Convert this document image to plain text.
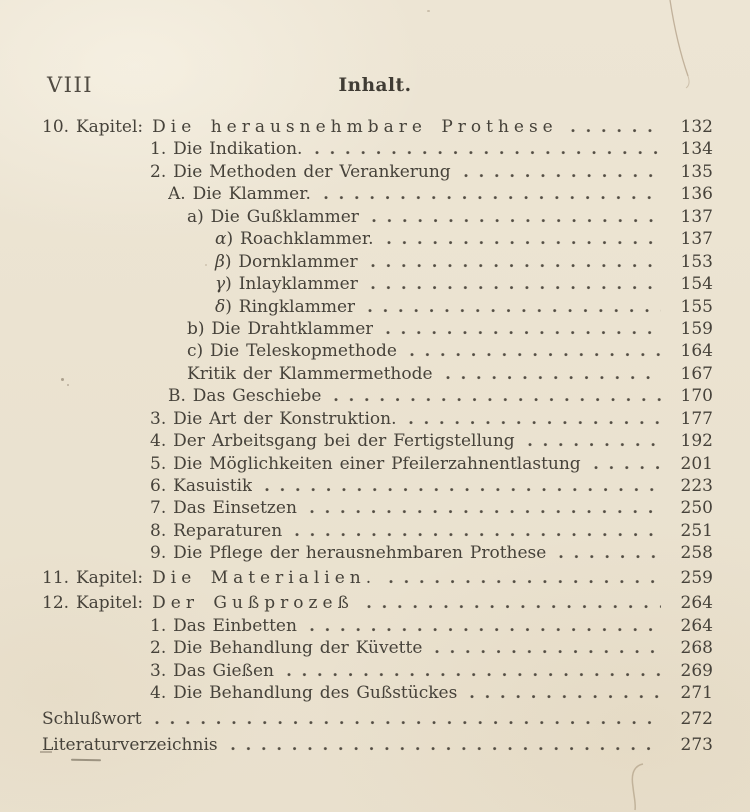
VIII	Inhalt.
10. Kapitel: Die herausnehmbare Prothese	132
1. Die Indikation.	134
2. Die Methoden der Verankerung	135
A. Die Klammer.	136
a) Die Gußklammer	137
α ) Roachklammer.	137
β ) Dornklammer	153
γ ) Inlayklammer	154
δ ) Ringklammer	155
b) Die Drahtklammer	159
c) Die Teleskopmethode	164
Kritik der Klammermethode	167
B. Das Geschiebe	170
3. Die Art der Konstruktion.	177
4. Der Arbeitsgang bei der Fertigstellung	192
5. Die Möglichkeiten einer Pfeilerzahnentlastung	201
6. Kasuistik	223
7. Das Einsetzen	250
8. Reparaturen	251
9. Die Pflege der herausnehmbaren Prothese	258
11. Kapitel: Die Materialien.	259
12. Kapitel: Der Gußprozeß	264
1. Das Einbetten	264
2. Die Behandlung der Küvette	268
3. Das Gießen	269
4. Die Behandlung des Gußstückes	271
Schlußwort	272
Literaturverzeichnis	273
